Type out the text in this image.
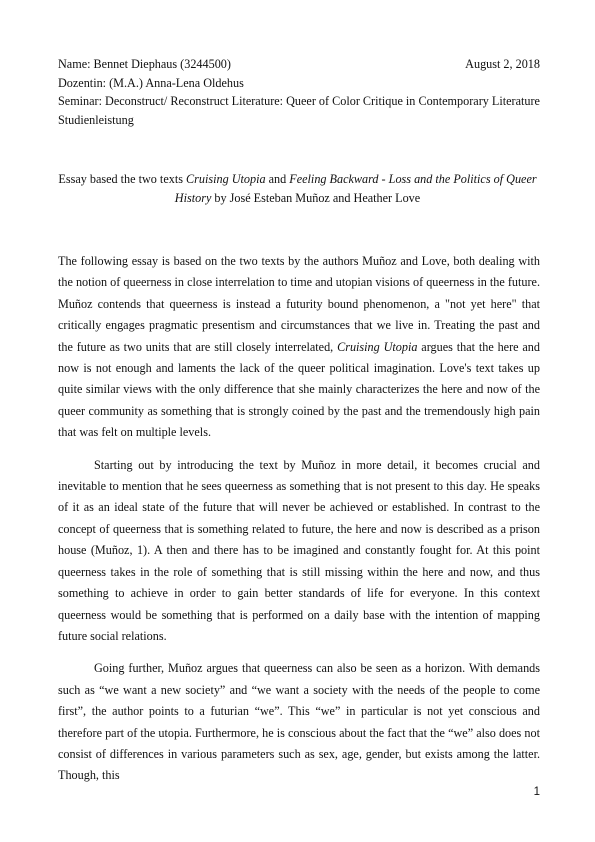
Name: Bennet Diephaus (3244500)	August 2, 2018
Dozentin: (M.A.) Anna-Lena Oldehus
Seminar: Deconstruct/ Reconstruct Literature: Queer of Color Critique in Contemporary Literature
Studienleistung
Essay based the two texts Cruising Utopia and Feeling Backward - Loss and the Politics of Queer
History by José Esteban Muñoz and Heather Love

The following essay is based on the two texts by the authors Muñoz and Love, both dealing with the notion of queerness in close interrelation to time and utopian visions of queerness in the future. Muñoz contends that queerness is instead a futurity bound phenomenon, a "not yet here" that critically engages pragmatic presentism and circumstances that we live in. Treating the past and the future as two units that are still closely interrelated, Cruising Utopia argues that the here and now is not enough and laments the lack of the queer political imagination. Love's text takes up quite similar views with the only difference that she mainly characterizes the here and now of the queer community as something that is strongly coined by the past and the tremendously high pain that was felt on multiple levels.

Starting out by introducing the text by Muñoz in more detail, it becomes crucial and inevitable to mention that he sees queerness as something that is not present to this day. He speaks of it as an ideal state of the future that will never be achieved or established. In contrast to the concept of queerness that is something related to future, the here and now is described as a prison house (Muñoz, 1). A then and there has to be imagined and constantly fought for. At this point queerness takes in the role of something that is still missing within the here and now, and thus something to achieve in order to gain better standards of life for everyone. In this context queerness would be something that is performed on a daily base with the intention of mapping future social relations.

Going further, Muñoz argues that queerness can also be seen as a horizon. With demands such as “we want a new society” and “we want a society with the needs of the people to come first”, the author points to a futurian “we”. This “we” in particular is not yet conscious and therefore part of the utopia. Furthermore, he is conscious about the fact that the “we” also does not consist of differences in various parameters such as sex, age, gender, but exists among the latter. Though, this

1
